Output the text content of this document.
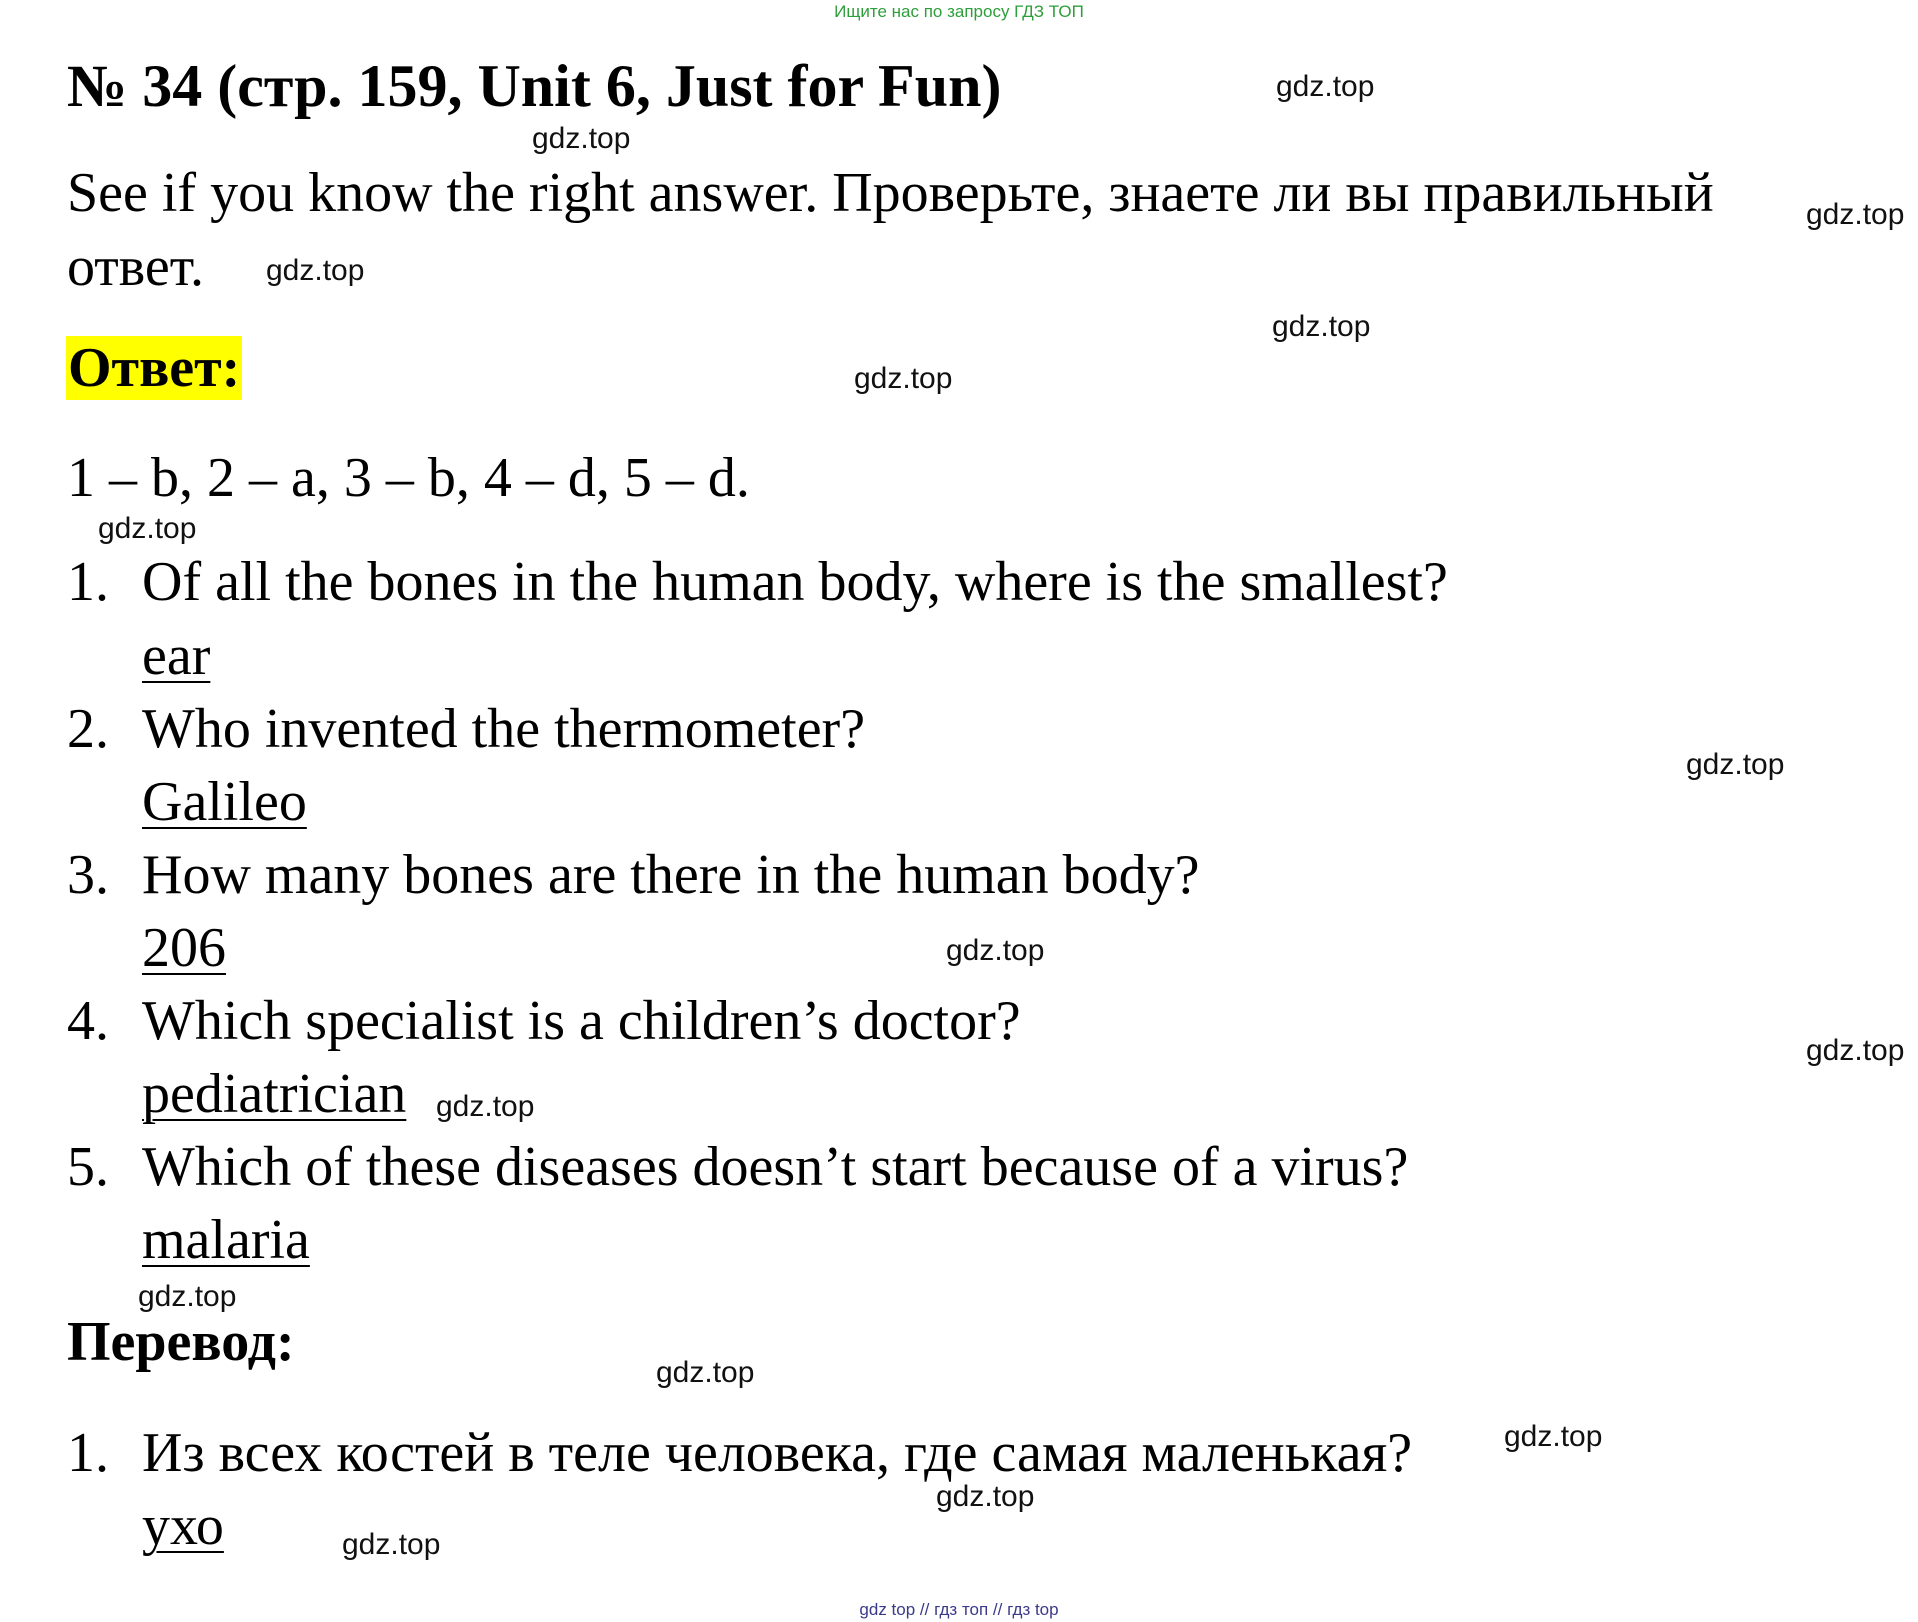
Ищите нас по запросу ГДЗ ТОП
№ 34 (стр. 159, Unit 6, Just for Fun)
See if you know the right answer. Проверьте, знаете ли вы правильный
ответ.
Ответ:
1 – b, 2 – a, 3 – b, 4 – d, 5 – d.
1. Of all the bones in the human body, where is the smallest?
ear
2. Who invented the thermometer?
Galileo
3. How many bones are there in the human body?
206
4. Which specialist is a children’s doctor?
pediatrician
5. Which of these diseases doesn’t start because of a virus?
malaria
Перевод:
1. Из всех костей в теле человека, где самая маленькая?
ухо
gdz.top
gdz.top
gdz.top
gdz.top
gdz.top
gdz.top
gdz.top
gdz.top
gdz.top
gdz.top
gdz.top
gdz.top
gdz.top
gdz.top
gdz.top
gdz.top
gdz top // гдз топ // гдз top
